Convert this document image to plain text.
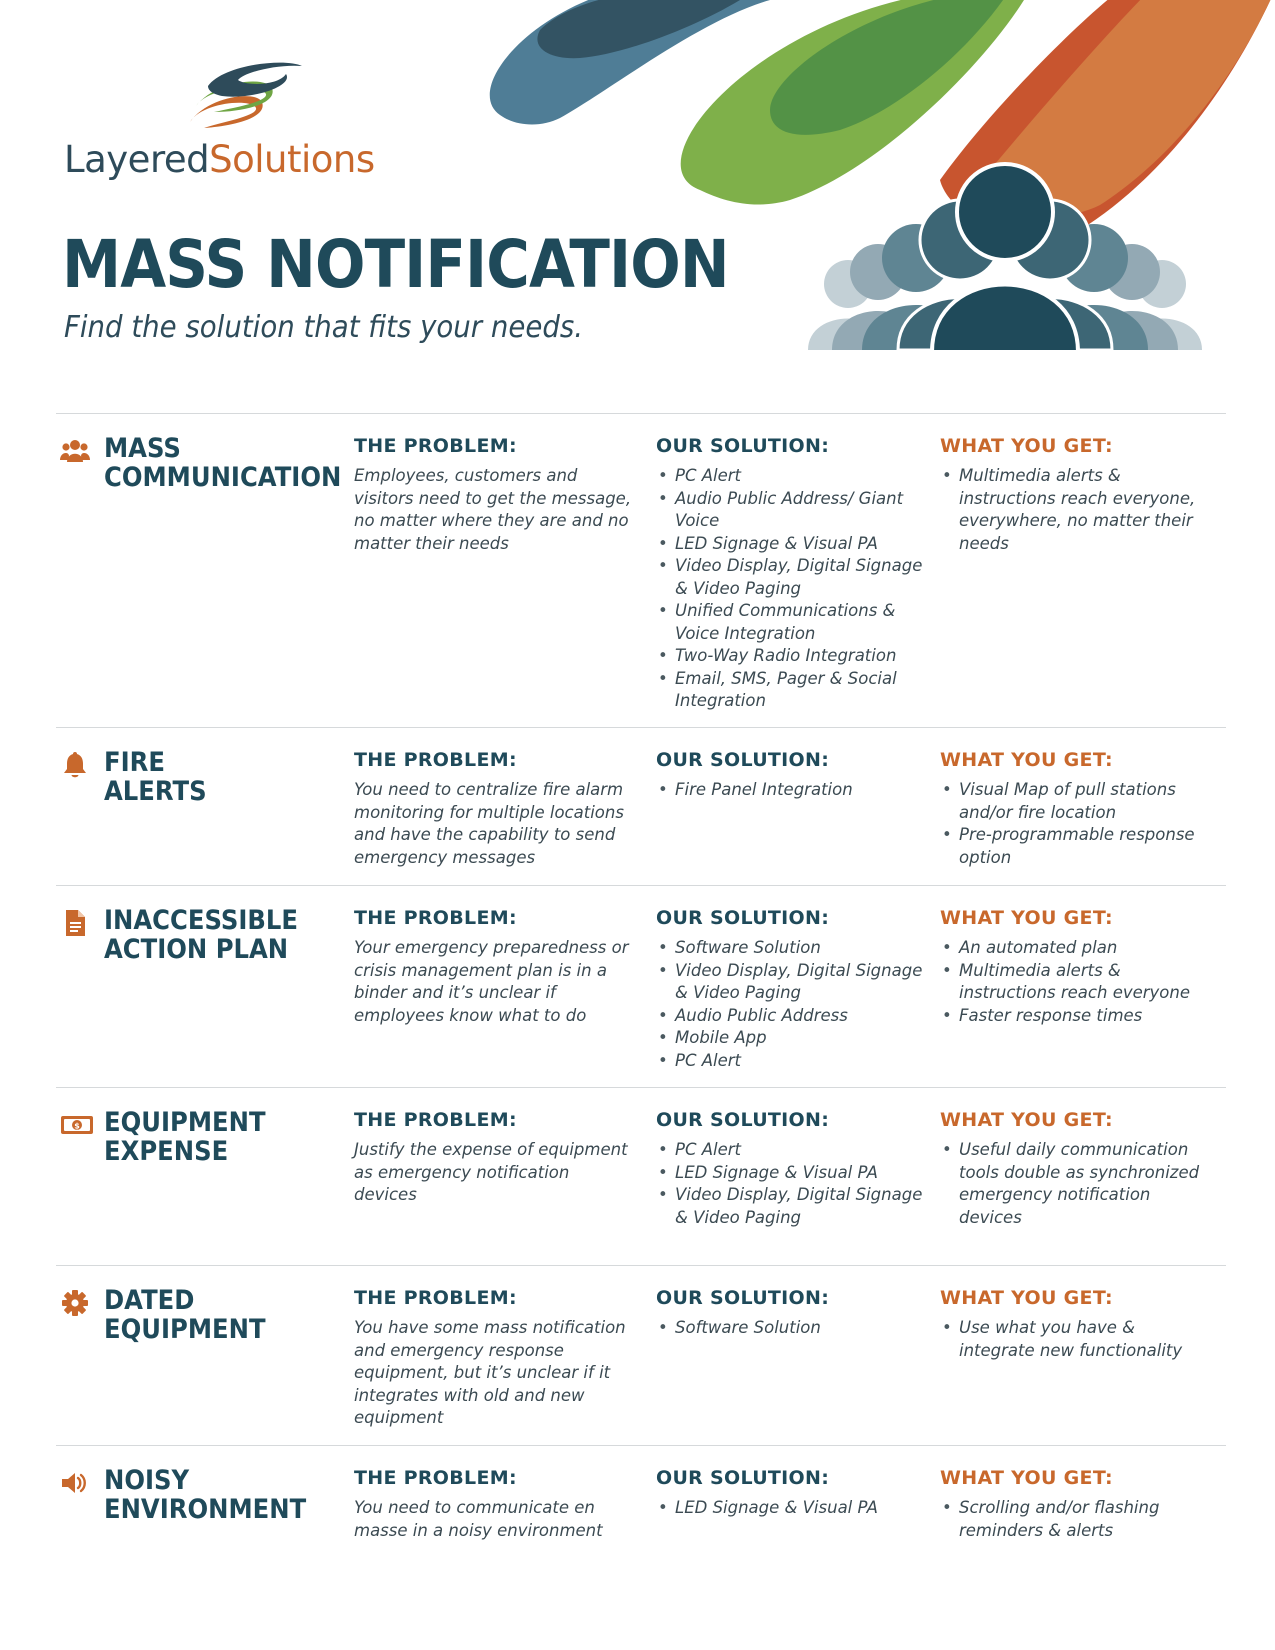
LayeredSolutions
MASS NOTIFICATION
Find the solution that fits your needs.
MASS
COMMUNICATION
THE PROBLEM:
Employees, customers and visitors need to get the message, no matter where they are and no matter their needs
OUR SOLUTION:
• PC Alert
• Audio Public Address/ Giant Voice
• LED Signage & Visual PA
• Video Display, Digital Signage & Video Paging
• Unified Communications & Voice Integration
• Two-Way Radio Integration
• Email, SMS, Pager & Social Integration
WHAT YOU GET:
• Multimedia alerts & instructions reach everyone, everywhere, no matter their needs
FIRE
ALERTS
THE PROBLEM:
You need to centralize fire alarm monitoring for multiple locations and have the capability to send emergency messages
OUR SOLUTION:
• Fire Panel Integration
WHAT YOU GET:
• Visual Map of pull stations and/or fire location
• Pre-programmable response option
INACCESSIBLE
ACTION PLAN
THE PROBLEM:
Your emergency preparedness or crisis management plan is in a binder and it’s unclear if employees know what to do
OUR SOLUTION:
• Software Solution
• Video Display, Digital Signage & Video Paging
• Audio Public Address
• Mobile App
• PC Alert
WHAT YOU GET:
• An automated plan
• Multimedia alerts & instructions reach everyone
• Faster response times
$ EQUIPMENT
EXPENSE
THE PROBLEM:
Justify the expense of equipment as emergency notification devices
OUR SOLUTION:
• PC Alert
• LED Signage & Visual PA
• Video Display, Digital Signage & Video Paging
WHAT YOU GET:
• Useful daily communication tools double as synchronized emergency notification devices
DATED
EQUIPMENT
THE PROBLEM:
You have some mass notification and emergency response equipment, but it’s unclear if it integrates with old and new equipment
OUR SOLUTION:
• Software Solution
WHAT YOU GET:
• Use what you have & integrate new functionality
NOISY
ENVIRONMENT
THE PROBLEM:
You need to communicate en masse in a noisy environment
OUR SOLUTION:
• LED Signage & Visual PA
WHAT YOU GET:
• Scrolling and/or flashing reminders & alerts
